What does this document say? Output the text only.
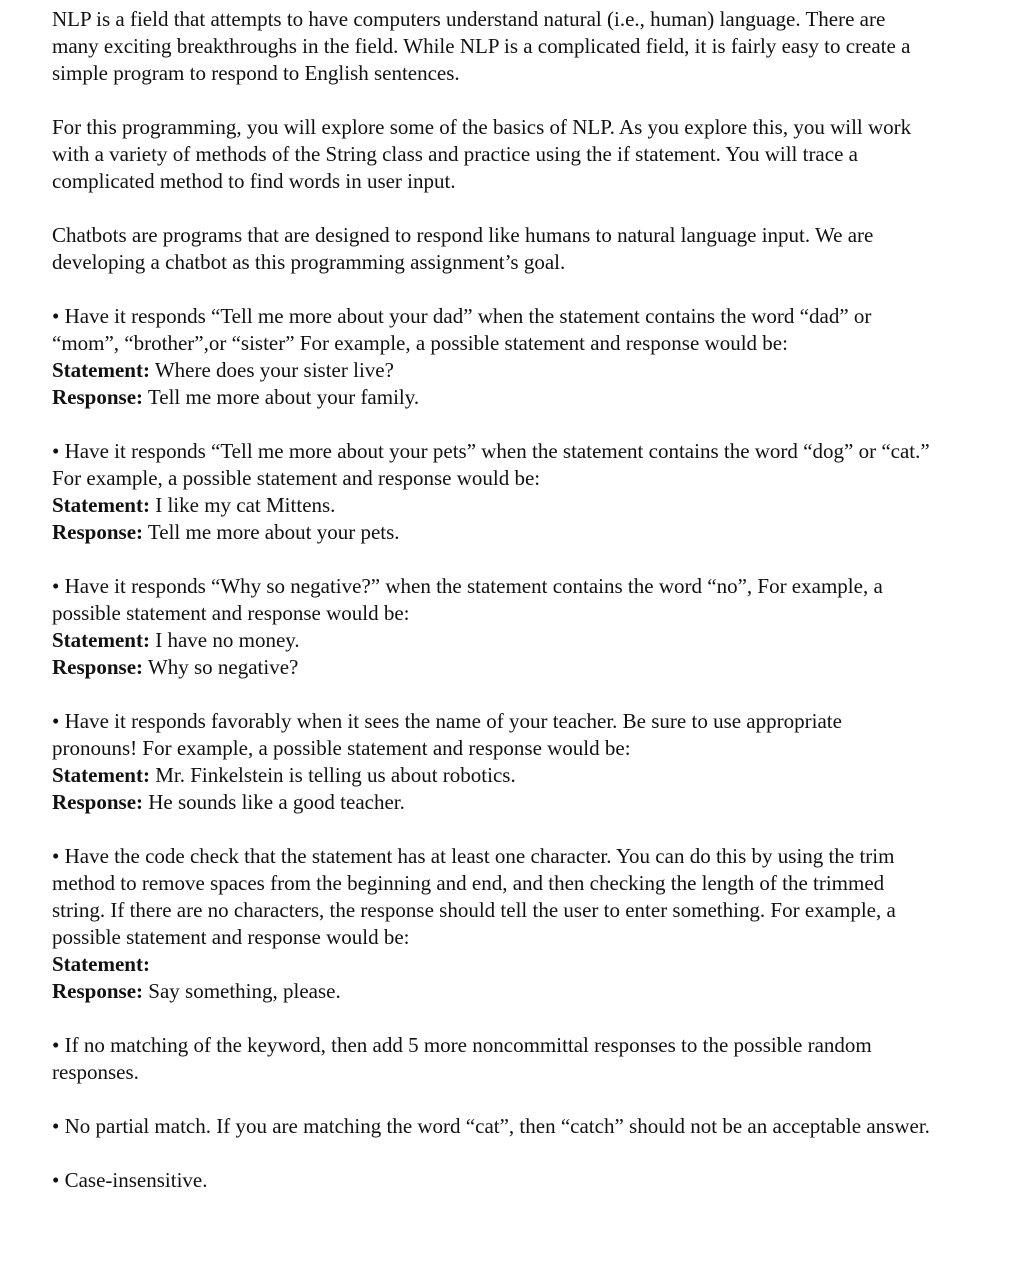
NLP is a field that attempts to have computers understand natural (i.e., human) language. There are many exciting breakthroughs in the field. While NLP is a complicated field, it is fairly easy to create a simple program to respond to English sentences.

For this programming, you will explore some of the basics of NLP. As you explore this, you will work with a variety of methods of the String class and practice using the if statement. You will trace a complicated method to find words in user input.

Chatbots are programs that are designed to respond like humans to natural language input. We are developing a chatbot as this programming assignment’s goal.

• Have it responds “Tell me more about your dad” when the statement contains the word “dad” or “mom”, “brother”,or “sister” For example, a possible statement and response would be:

Statement: Where does your sister live?

Response: Tell me more about your family.

• Have it responds “Tell me more about your pets” when the statement contains the word “dog” or “cat.” For example, a possible statement and response would be:

Statement: I like my cat Mittens.

Response: Tell me more about your pets.

• Have it responds “Why so negative?” when the statement contains the word “no”, For example, a possible statement and response would be:

Statement: I have no money.

Response: Why so negative?

• Have it responds favorably when it sees the name of your teacher. Be sure to use appropriate pronouns! For example, a possible statement and response would be:

Statement: Mr. Finkelstein is telling us about robotics.

Response: He sounds like a good teacher.

• Have the code check that the statement has at least one character. You can do this by using the trim method to remove spaces from the beginning and end, and then checking the length of the trimmed string. If there are no characters, the response should tell the user to enter something. For example, a possible statement and response would be:

Statement:

Response: Say something, please.

• If no matching of the keyword, then add 5 more noncommittal responses to the possible random responses.

• No partial match. If you are matching the word “cat”, then “catch” should not be an acceptable answer.

• Case-insensitive.
